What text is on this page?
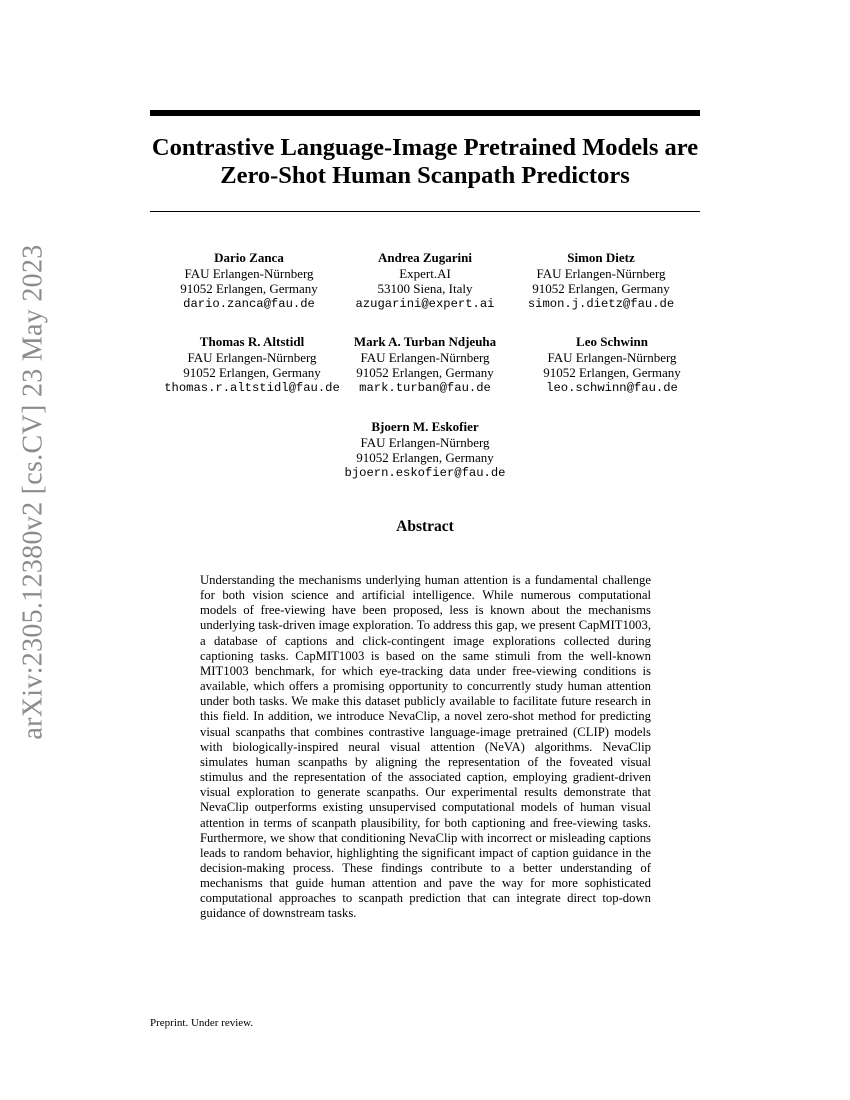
arXiv:2305.12380v2 [cs.CV] 23 May 2023
Contrastive Language-Image Pretrained Models are
Zero-Shot Human Scanpath Predictors
Dario Zanca
FAU Erlangen-Nürnberg
91052 Erlangen, Germany
dario.zanca@fau.de
Andrea Zugarini
Expert.AI
53100 Siena, Italy
azugarini@expert.ai
Simon Dietz
FAU Erlangen-Nürnberg
91052 Erlangen, Germany
simon.j.dietz@fau.de
Thomas R. Altstidl
FAU Erlangen-Nürnberg
91052 Erlangen, Germany
thomas.r.altstidl@fau.de
Mark A. Turban Ndjeuha
FAU Erlangen-Nürnberg
91052 Erlangen, Germany
mark.turban@fau.de
Leo Schwinn
FAU Erlangen-Nürnberg
91052 Erlangen, Germany
leo.schwinn@fau.de
Bjoern M. Eskofier
FAU Erlangen-Nürnberg
91052 Erlangen, Germany
bjoern.eskofier@fau.de
Abstract

Understanding the mechanisms underlying human attention is a fundamental challenge for both vision science and artificial intelligence. While numerous computational models of free-viewing have been proposed, less is known about the mechanisms underlying task-driven image exploration. To address this gap, we present CapMIT1003, a database of captions and click-contingent image explorations collected during captioning tasks. CapMIT1003 is based on the same stimuli from the well-known MIT1003 benchmark, for which eye-tracking data under free-viewing conditions is available, which offers a promising opportunity to concurrently study human attention under both tasks. We make this dataset publicly available to facilitate future research in this field. In addition, we introduce NevaClip, a novel zero-shot method for predicting visual scanpaths that combines contrastive language-image pretrained (CLIP) models with biologically-inspired neural visual attention (NeVA) algorithms. NevaClip simulates human scanpaths by aligning the representation of the foveated visual stimulus and the representation of the associated caption, employing gradient-driven visual exploration to generate scanpaths. Our experimental results demonstrate that NevaClip outperforms existing unsupervised computational models of human visual attention in terms of scanpath plausibility, for both captioning and free-viewing tasks. Furthermore, we show that conditioning NevaClip with incorrect or misleading captions leads to random behavior, highlighting the significant impact of caption guidance in the decision-making process. These findings contribute to a better understanding of mechanisms that guide human attention and pave the way for more sophisticated computational approaches to scanpath prediction that can integrate direct top-down guidance of downstream tasks.

Preprint. Under review.
